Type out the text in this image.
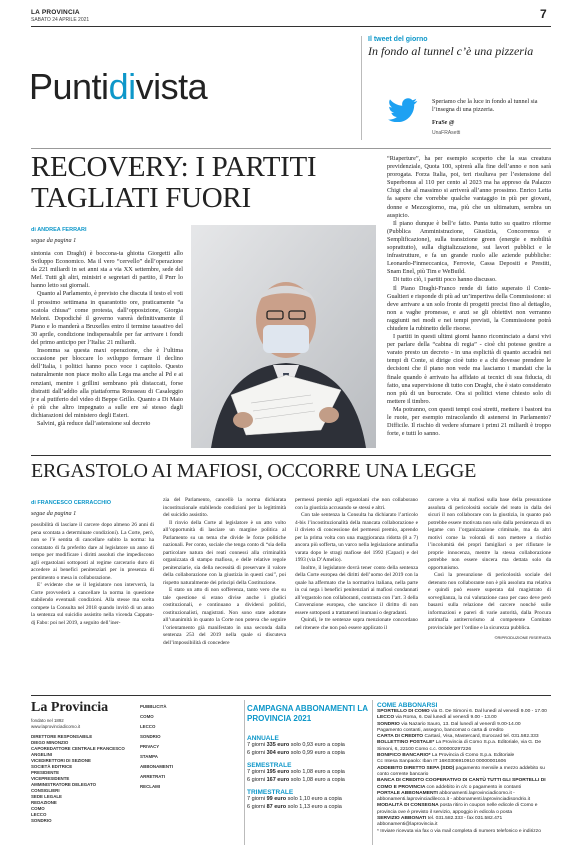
LA PROVINCIA
SABATO 24 APRILE 2021	7
Puntidivista
Il tweet del giorno
In fondo al tunnel c’è una pizzeria
Speriamo che la luce in fondo al tunnel sia l’insegna di una pizzeria.
FraSe @
UnaFRAsetti
RECOVERY: I PARTITI TAGLIATI FUORI
di ANDREA FERRARI
segue da pagina 1

sintonia con Draghi) è boccona-ta ghiotta Giorgetti allo Sviluppo Economico. Ma il vero “cervello” dell’operazione da 221 miliardi in sei anni sta a via XX settembre, sede del Mef. Tutti gli altri, ministri e segretari di partito, il Pnrr lo hanno letto sui giornali.

Quanto al Parlamento, è previsto che discuta il testo el voti il prossimo settimana in quarantotto ore, praticamente “a scatola chiusa” come protesta, dall’opposizione, Giorgia Meloni. Dopodiché il governo varerà definitivamente il Piano e lo manderà a Bruxelles entro il termine tassativo del 30 aprile, condizione indispensabile per far arrivare i fondi del primo anticipo per l’Italia: 21 miliardi.

Insomma sa questa maxi operazione, che è l’ultima occasione per bloccare lo sviluppo fermare il declino dell’Italia, i politici hanno poco voce i capitolo. Questo naturalmente non piace molto alla Lega ma anche al Pd e ai renziani, mentre i grillini sembrano più distaccati, forse distratti dall’addio alla piattaforma Rousseau di Casaleggio jr e al putiferio del video di Beppe Grillo. Quanto a Di Maio è più che altro impegnato a sulle ere sé stesso dagli dichiarazioni del ministero degli Esteri.

Salvini, già reduce dall’astensione sul decreto

“Riaperture”, ha per esempio scoperto che la sua creatura previdenziale, Quota 100, spirerà alla fine dell’anno e non sarà prorogata. Forza Italia, poi, teri risultava per l’estensione del Superbonus al 110 per cento al 2023 ma ha appreso da Palazzo Chigi che al massimo si arriverà all’anno prossimo. Enrico Letta fa sapere che vorrebbe qualche vantaggio in più per giovani, donne e Mezzogiorno, ma, più che un ultimatum, sembra un auspicio.

Il piano dunque è bell’e fatto. Punta tutto su quattro riforme (Pubblica Amministrazione, Giustizia, Concorrenza e Semplificazione), sulla transizione green (energie e mobilità soprattutto), sulla digitalizzazione, sui lavori pubblici e le infrastrutture, e fa un grande ruolo alle aziende pubbliche: Leonardo-Finmeccanica, Ferrovie, Cassa Depositi e Prestiti, Snam Enel, più Tim e WeBuild.

Di tutto ciò, i partiti poco hanno discusso.

Il Piano Draghi-Franco rende di fatto superato il Conte-Gualtieri e risponde di più ad un’impertiva della Commissione: si deve arrivare a un solo fronte di progetti precisi fino al dettaglio, non a vaghe promesse, e anzi se gli obiettivi non verranno raggiunti nei modi e nei tempi previsti, la Commissione potrà chiudere la rubinetto delle risorse.

I partiti in questi ultimi giorni hanno ricominciato a darsi vivi per parlare della “cabina di regia” - cioè chi potesse gestire a varato presto un decreto - in una esplicità di quanto accadrà nei tempi di Conte, si dirige cioè tutto e a chi dovesse prendere le decisioni che il piano non vede ma lasciamo i mandati che la finale quando è arrivato ha affidato ai tecnici di sua fiducia, di fatto, una supervisione di tutto con Draghi, che è stato considerato non più di un burocrate. Ora si politici viene chiesto solo di mettere il timbro.

Ma potranno, con questi tempi così stretti, mettere i bastoni tra le ruote, per esempio miracolando di astenersi in Parlamento? Difficile. Il rischio di vedere sfumare i primi 21 miliardi è troppo forte, e tutti lo sanno.

ERGASTOLO AI MAFIOSI, OCCORRE UNA LEGGE
di FRANCESCO CERRACCHIO
segue da pagina 1

possibilità di lasciare il carcere dopo almeno 26 anni di pena scontata a determinate condizioni). La Corte, però, non se l’è sentita di cancellare subito la norma: ha constatato di fa preferito dare al legislatore un anno di tempo per modificare i diritti assoluti che impediscono agli ergastolani sottoposti al regime carcerario duro di accedere ai benefici penitenziari per in presenza di pentimento o mesa in collaborazione.

E’ evidente che se il legislatore non interverrà, la Corte provvederà a cancellare la norma in questione stabilendo eventuali condizioni. Alla stesse ma scelta compete la Consulta nel 2018 quando invitò di un anno la sentenza sul suicidio assistito nella vicenda Cappato-dj Fabo: poi nel 2019, a seguito dell’iner-

zia del Parlamento, cancellò la norma dichiarata incostituzionale stabilendo condizioni per la legittimità del suicidio assistito.

Il rinvio della Corte al legislatore è un atto volto all’opportunità di lasciare un margine politica al Parlamento su un tema che divide le forze politiche nazionali. Per conto, sociale che tenga conto di “sia della particolare natura dei reati connessi alla criminalità organizzata di stampo mafioso, e delle relative regole penitenziarie, sia della necessità di preservare il valore della collaborazione con la giustizia in questi casi”, poi rispetto naturalmente dei principi della Costituzione.

E stato un atto di non sofferenza, tanto vero che su tale questione si erano divise anche i giudici costituzionali, e continuano a dividersi politici, costituzionalisti, magistrati. Non sono state adottate all’unanimità in quanto la Corte non poteva che seguire l’orientamento già manifestato in una seconda dalla sentenza 253 del 2019 nella quale si discuteva dell’impossibilità di concedere

permessi premio agli ergastolani che non collaborano con la giustizia accusando se stessi e altri.

Con tale sentenza la Consulta ha dichiarato l’articolo 4-bis l’incostituzionalità della mancata collaborazione e il divieto di concessione del permessi premio, aprendo per la prima volta con una maggioranza ridotta (8 a 7) ancora più sofferta, un varco nella legislazione antimafia varata dopo le stragi mafiose del 1992 (Capaci) e del 1993 (via D’Amelio).

Inoltre, il legislatore dovrà tener conto della sentenza della Corte europea dei diritti dell’uomo del 2019 con la quale ha affermato che la normativa italiana, nella parte in cui nega i benefici penitenziari ai mafiosi condannati all’ergastolo non collaboranti, contrasta con l’art. 3 della Convenzione europea, che sancisce il diritto di non essere sottoposti a trattamenti inumani o degradanti.

Quindi, le tre sentenze sopra menzionate concordano nel ritenere che non può essere applicato il

carcere a vita ai mafiosi sulla base della presunzione assoluta di pericolosità sociale del reato in dalla dei sicuri il non collaborare con la giustizia, in quanto può potrebbe essere motivata non solo dalla persistenza di un legame con l’organizzazione criminale, ma da altri motivi come la volontà di non mettere a rischio l’incolumità dei propri famigliari o per rifiutare le proprie innocenza, mentre la stessa collaborazione potrebbe non essere sincera ma dettata solo da opportunismo.

Così la presunzione di pericolosità sociale del detenuto non collaborante non è più assoluta ma relativa e quindi può essere superata dal magistrato di sorveglianza, la cui valutazione caso per caso deve però basarsi sulla relazione del carcere nonché sulle informazioni e pareri di varie autorità, dalla Procura antimafia antiterrorismo al competente Comitato provinciale per l’ordine e la sicurezza pubblica.

©RIPRODUZIONE RISERVATA

La Provincia
fondato nel 1892
www.laprovinciadicomo.it
DIRETTORE RESPONSABILE
DIEGO MINONZIO
CAPOREDATTORE CENTRALE FRANCESCO ANGELINI
VICEDIRETTORI DI SEZIONE
SOCIETÀ EDITRICE
PRESIDENTE
VICEPRESIDENTE
AMMINISTRATORE DELEGATO
CONSIGLIERI
SEDE LEGALE
REDAZIONE
COMO
LECCO
SONDRIO
PUBBLICITÀ
COMO
LECCO
SONDRIO
PRIVACY
STAMPA
ABBONAMENTI
ARRETRATI
RECLAMI
CAMPAGNA ABBONAMENTI LA PROVINCIA 2021
ANNUALE
7 giorni 335 euro solo 0,93 euro a copia
6 giorni 304 euro solo 0,99 euro a copia
SEMESTRALE
7 giorni 195 euro solo 1,08 euro a copia
6 giorni 167 euro solo 1,08 euro a copia
TRIMESTRALE
7 giorni 99 euro solo 1,10 euro a copia
6 giorni 87 euro solo 1,13 euro a copia
COME ABBONARSI
SPORTELLO DI COMO via G. De Simoni 6. Dal lunedì al venerdì 9.00 - 17.00
LECCO via Roma, 6. Dal lunedì al venerdì 9.00 - 13.00
SONDRIO via Nazario Sauro, 13. Dal lunedì al venerdì 9.00-14.00
Pagamento contanti, assegno, bancomat o carta di credito
CARTA DI CREDITO Cartasì, Visa, Mastercard, Eurocard tel. 031.582.333
BOLLETTINO POSTALE* La Provincia di Como S.p.a. Editoriale, via G. De Simoni, 6, 22100 Como c.c. 000000297226
BONIFICO BANCARIO* La Provincia di Como S.p.a. Editoriale
Cc Intesa Sanpaolo: Iban IT 16K0306910910 00000001606
ADDEBITO DIRETTO SEPA (SDD) pagamento mensile a mezzo addebito su conto corrente bancario
BANCA DI CREDITO COOPERATIVO DI CANTÙ TUTTI GLI SPORTELLI DI COMO E PROVINCIA con addebito in c/c o pagamento in contanti
PORTALE ABBONAMENTI abbonamenti.laprovinciadicomo.it - abbonamenti.laprovinciadilecco.it - abbonamenti.laprovinciadisondrio.it
MODALITÀ DI CONSEGNA posta ritiro in coupon nelle edicole di Como e provincia ove è previsto il servizio, appoggio in edicola o posta
SERVIZIO ABBONATI tel. 031.582.333 - fax 031.582.471 abbonamenti@laprovincia.it
* Inviare ricevuta via fax o via mail completa di numero telefonico e indirizzo
